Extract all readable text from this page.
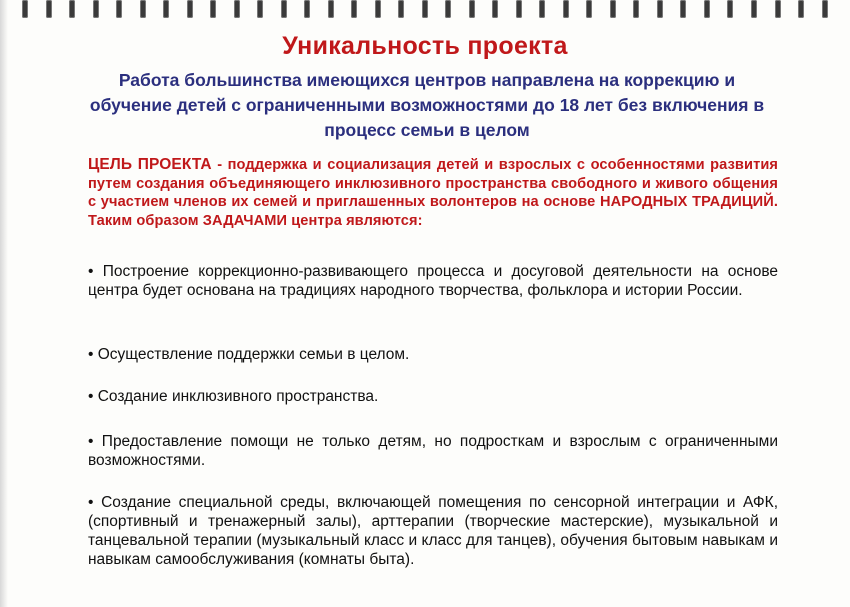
Уникальность проекта
Работа большинства имеющихся центров направлена на коррекцию и обучение детей с ограниченными возможностями до 18 лет без включения в процесс семьи в целом
ЦЕЛЬ ПРОЕКТА - поддержка и социализация детей и взрослых с особенностями развития путем создания объединяющего инклюзивного пространства свободного и живого общения с участием членов их семей и приглашенных волонтеров на основе НАРОДНЫХ ТРАДИЦИЙ. Таким образом ЗАДАЧАМИ центра являются:
• Построение коррекционно-развивающего процесса и досуговой деятельности на основе центра будет основана на традициях народного творчества, фольклора и истории России.
• Осуществление поддержки семьи в целом.
• Создание инклюзивного пространства.
• Предоставление помощи не только детям, но подросткам и взрослым с ограниченными возможностями.
• Создание специальной среды, включающей помещения по сенсорной интеграции и АФК, (спортивный и тренажерный залы), арттерапии (творческие мастерские), музыкальной и танцевальной терапии (музыкальный класс и класс для танцев), обучения бытовым навыкам и навыкам самообслуживания (комнаты быта).
